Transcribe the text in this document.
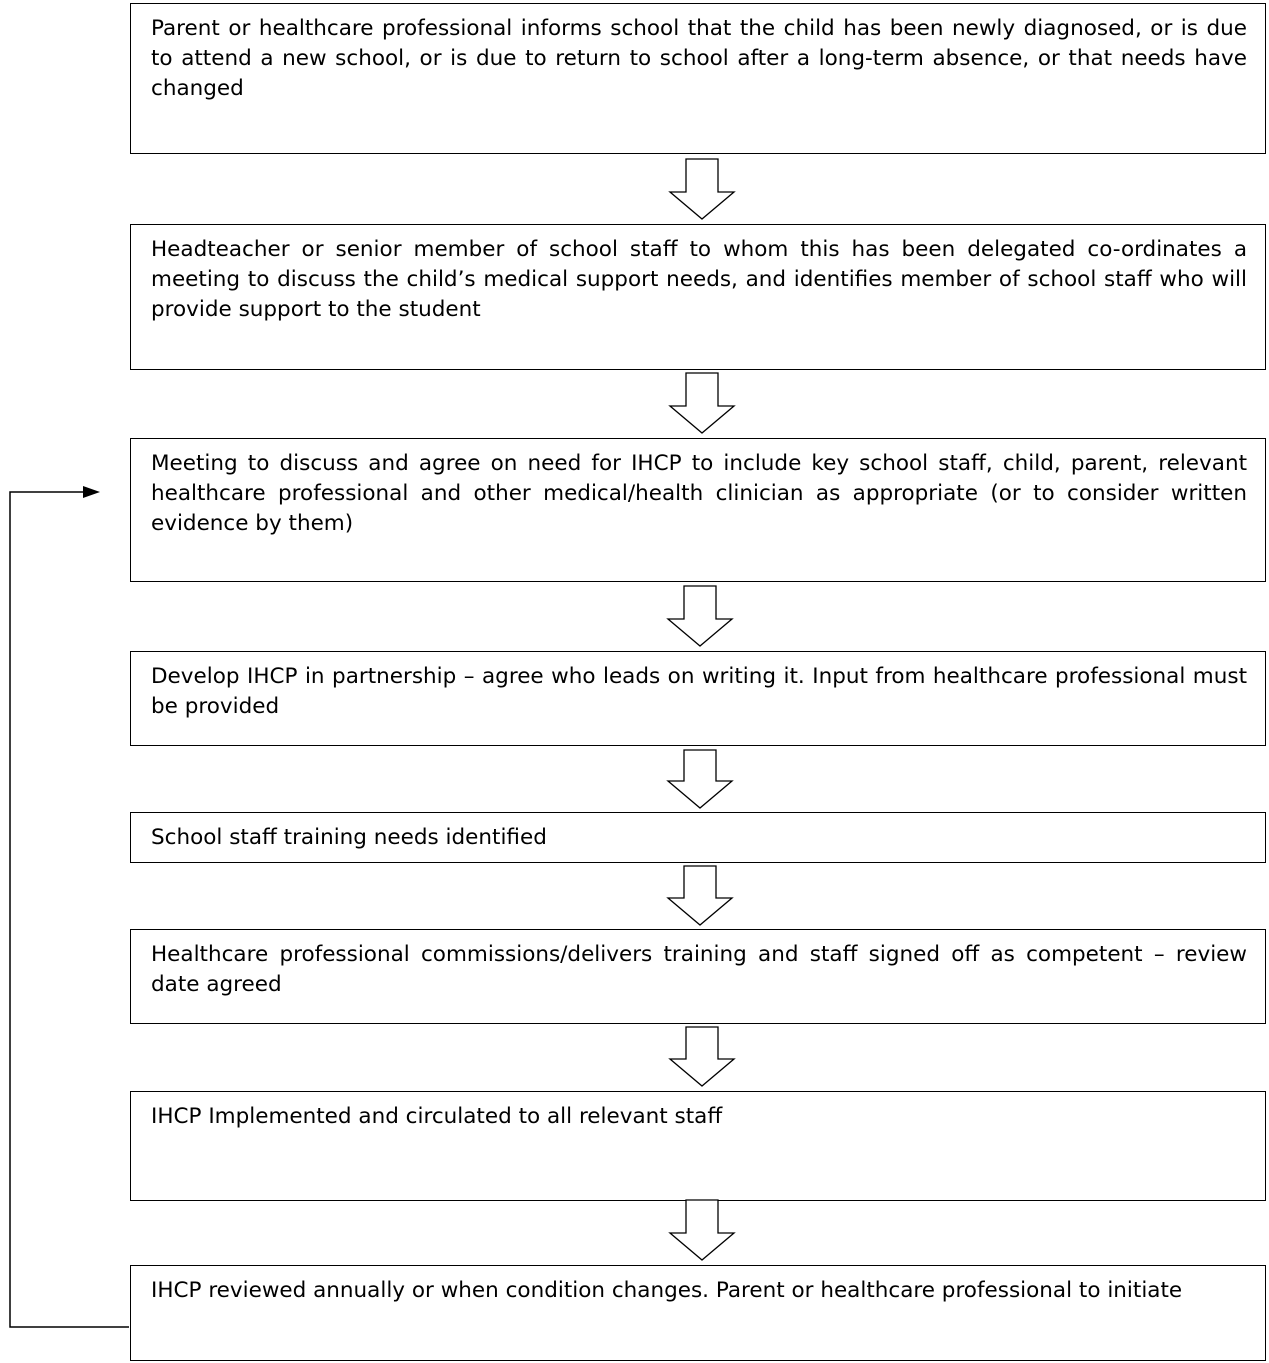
Parent or healthcare professional informs school that the child has been newly diagnosed, or is due to attend a new school, or is due to return to school after a long-term absence, or that needs have changed
Headteacher or senior member of school staff to whom this has been delegated co-ordinates a meeting to discuss the child’s medical support needs, and identifies member of school staff who will provide support to the student
Meeting to discuss and agree on need for IHCP to include key school staff, child, parent, relevant healthcare professional and other medical/health clinician as appropriate (or to consider written evidence by them)
Develop IHCP in partnership – agree who leads on writing it. Input from healthcare professional must be provided
School staff training needs identified
Healthcare professional commissions/delivers training and staff signed off as competent – review date agreed
IHCP Implemented and circulated to all relevant staff
IHCP reviewed annually or when condition changes. Parent or healthcare professional to initiate
